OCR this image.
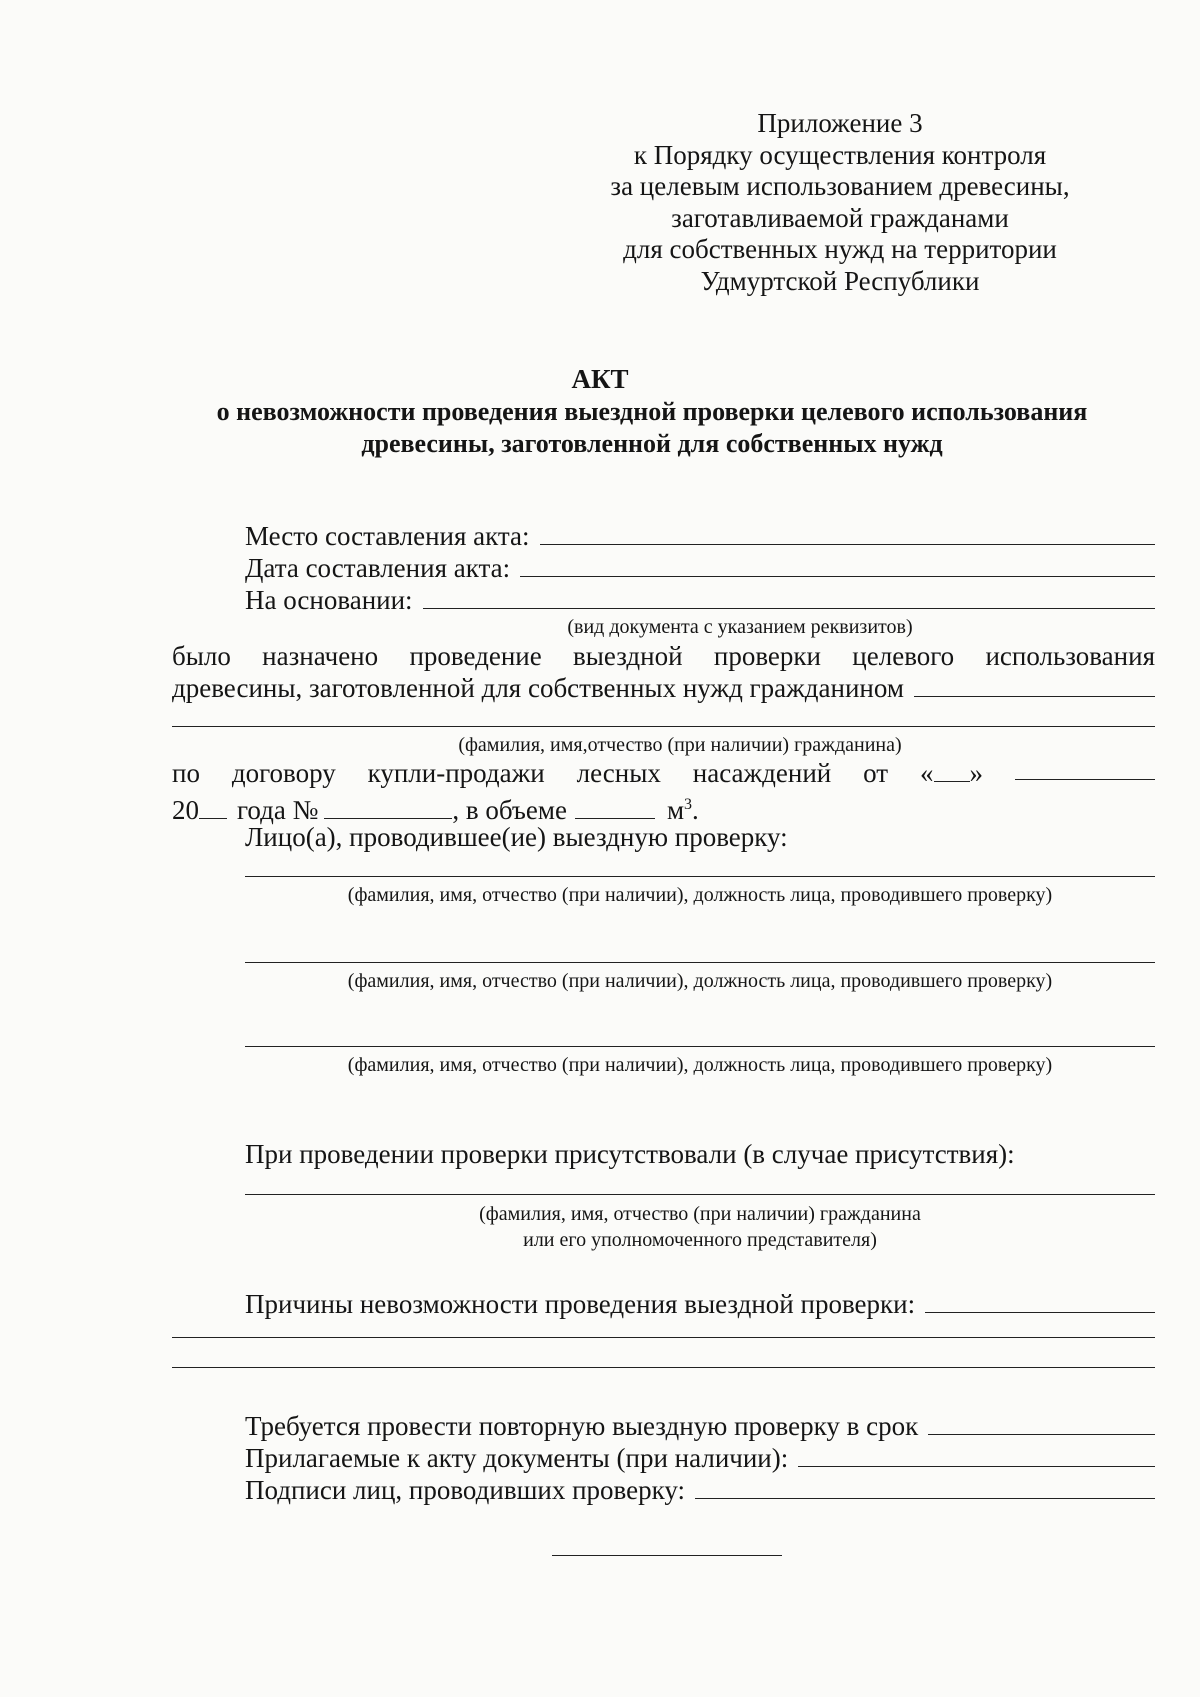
Приложение 3
к Порядку осуществления контроля
за целевым использованием древесины,
заготавливаемой гражданами
для собственных нужд на территории
Удмуртской Республики
АКТ
о невозможности проведения выездной проверки целевого использования
древесины, заготовленной для собственных нужд
Место составления акта:
Дата составления акта:
На основании:
(вид документа с указанием реквизитов)
было назначено проведение выездной проверки целевого использования
древесины, заготовленной для собственных нужд гражданином
(фамилия, имя,отчество (при наличии) гражданина)
по договору купли-продажи лесных насаждений от « »
20 года №	, в объеме	$м^3$.
Лицо(а), проводившее(ие) выездную проверку:
(фамилия, имя, отчество (при наличии), должность лица, проводившего проверку)
(фамилия, имя, отчество (при наличии), должность лица, проводившего проверку)
(фамилия, имя, отчество (при наличии), должность лица, проводившего проверку)
При проведении проверки присутствовали (в случае присутствия):
(фамилия, имя, отчество (при наличии) гражданина
или его уполномоченного представителя)
Причины невозможности проведения выездной проверки:
Требуется провести повторную выездную проверку в срок
Прилагаемые к акту документы (при наличии):
Подписи лиц, проводивших проверку:
